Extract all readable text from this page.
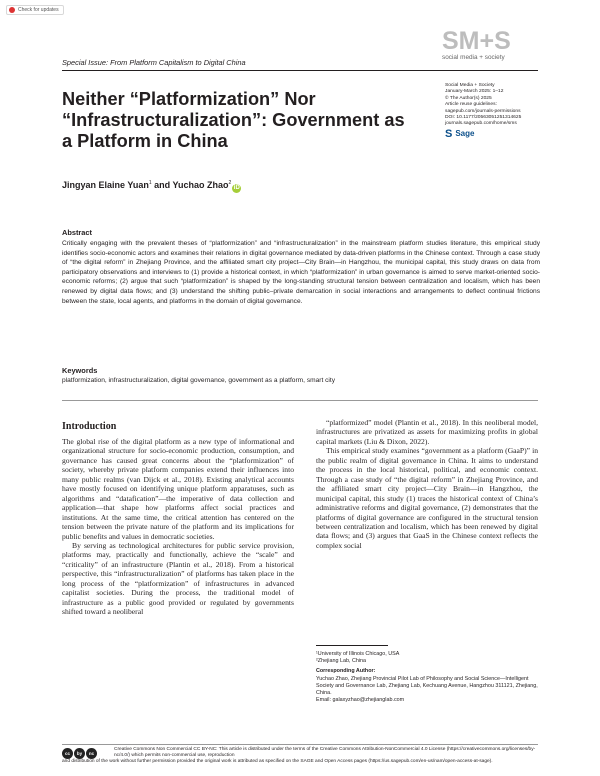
Check for updates
Special Issue: From Platform Capitalism to Digital China
SM+S
social media + society
Social Media + Society
January-March 2025: 1–12
© The Author(s) 2025
Article reuse guidelines:
sagepub.com/journals-permissions
DOI: 10.1177/20563051251314625
journals.sagepub.com/home/sms
S Sage
Neither “Platformization” Nor “Infrastructuralization”: Government as a Platform in China
Jingyan Elaine Yuan$^1$ and Yuchao Zhao$^2$iD
Abstract
Critically engaging with the prevalent theses of “platformization” and “infrastructuralization” in the mainstream platform studies literature, this empirical study identifies socio-economic actors and examines their relations in digital governance mediated by data-driven platforms in the Chinese context. Through a case study of “the digital reform” in Zhejiang Province, and the affiliated smart city project—City Brain—in Hangzhou, the municipal capital, this study draws on data from participatory observations and interviews to (1) provide a historical context, in which “platformization” in urban governance is aimed to serve market-oriented socio-economic reforms; (2) argue that such “platformization” is shaped by the long-standing structural tension between centralization and localism, which has been renewed by digital data flows; and (3) understand the shifting public–private demarcation in social interactions and arrangements to deflect continual frictions between the state, local agents, and platforms in the domain of digital governance.
Keywords
platformization, infrastructuralization, digital governance, government as a platform, smart city
Introduction

The global rise of the digital platform as a new type of informational and organizational structure for socio-economic production, consumption, and governance has caused great concerns about the “platformization” of society, whereby private platform companies extend their influences into many public realms (van Dijck et al., 2018). Existing analytical accounts have mostly focused on identifying unique platform apparatuses, such as algorithms and “datafication”—the imperative of data collection and application—that shape how platforms affect social practices and institutions. At the same time, the critical attention has centered on the tension between the private nature of the platform and its implications for public benefits and values in democratic societies.

By serving as technological architectures for public service provision, platforms may, practically and functionally, achieve the “scale” and “criticality” of an infrastructure (Plantin et al., 2018). From a historical perspective, this “infrastructuralization” of platforms has taken place in the long process of the “platformization” of infrastructures in advanced capitalist societies. During the process, the traditional model of infrastructure as a public good provided or regulated by governments shifted toward a neoliberal

“platformized” model (Plantin et al., 2018). In this neoliberal model, infrastructures are privatized as assets for maximizing profits in global capital markets (Liu & Dixon, 2022).

This empirical study examines “government as a platform (GaaP)” in the public realm of digital governance in China. It aims to understand the process in the local historical, political, and economic context. Through a case study of “the digital reform” in Zhejiang Province, and the affiliated smart city project—City Brain—in Hangzhou, the municipal capital, this study (1) traces the historical context of China’s administrative reforms and digital governance, (2) demonstrates that the platforms of digital governance are configured in the structural tension between centralization and localism, which has been renewed by digital data flows; and (3) argues that GaaS in the Chinese context reflects the complex social

¹University of Illinois Chicago, USA
²Zhejiang Lab, China
Corresponding Author:
Yuchao Zhao, Zhejiang Provincial Pilot Lab of Philosophy and Social Science—Intelligent Society and Governance Lab, Zhejiang Lab, Kechuang Avenue, Hangzhou 311121, Zhejiang, China.
Email: galaxyzhao@zhejianglab.com
cc	by	nc
Creative Commons Non Commercial CC BY-NC: This article is distributed under the terms of the Creative Commons Attribution-NonCommercial 4.0 License (https://creativecommons.org/licenses/by-nc/4.0/) which permits non-commercial use, reproduction
and distribution of the work without further permission provided the original work is attributed as specified on the SAGE and Open Access pages (https://us.sagepub.com/en-us/nam/open-access-at-sage).
